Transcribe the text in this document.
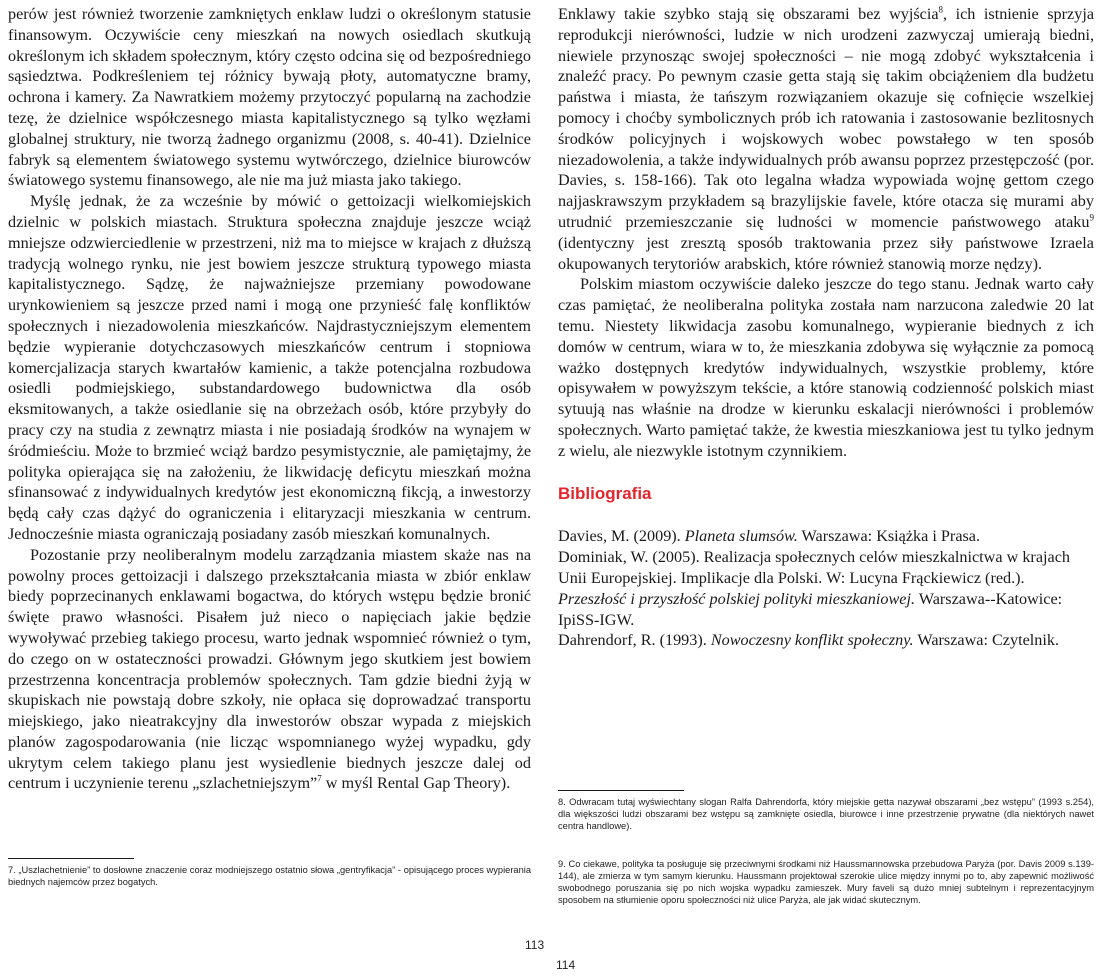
perów jest również tworzenie zamkniętych enklaw ludzi o określonym statusie finansowym. Oczywiście ceny mieszkań na nowych osiedlach skutkują określonym ich składem społecznym, który często odcina się od bezpośredniego sąsiedztwa. Podkreśleniem tej różnicy bywają płoty, automatyczne bramy, ochrona i kamery. Za Nawratkiem możemy przytoczyć popularną na zachodzie tezę, że dzielnice współczesnego miasta kapitalistycznego są tylko węzłami globalnej struktury, nie tworzą żadnego organizmu (2008, s. 40-41). Dzielnice fabryk są elementem światowego systemu wytwórczego, dzielnice biurowców światowego systemu finansowego, ale nie ma już miasta jako takiego.

Myślę jednak, że za wcześnie by mówić o gettoizacji wielkomiejskich dzielnic w polskich miastach. Struktura społeczna znajduje jeszcze wciąż mniejsze odzwierciedlenie w przestrzeni, niż ma to miejsce w krajach z dłuższą tradycją wolnego rynku, nie jest bowiem jeszcze strukturą typowego miasta kapitalistycznego. Sądzę, że najważniejsze przemiany powodowane urynkowieniem są jeszcze przed nami i mogą one przynieść falę konfliktów społecznych i niezadowolenia mieszkańców. Najdrastyczniejszym elementem będzie wypieranie dotychczasowych mieszkańców centrum i stopniowa komercjalizacja starych kwartałów kamienic, a także potencjalna rozbudowa osiedli podmiejskiego, substandardowego budownictwa dla osób eksmitowanych, a także osiedlanie się na obrzeżach osób, które przybyły do pracy czy na studia z zewnątrz miasta i nie posiadają środków na wynajem w śródmieściu. Może to brzmieć wciąż bardzo pesymistycznie, ale pamiętajmy, że polityka opierająca się na założeniu, że likwidację deficytu mieszkań można sfinansować z indywidualnych kredytów jest ekonomiczną fikcją, a inwestorzy będą cały czas dążyć do ograniczenia i elitaryzacji mieszkania w centrum. Jednocześnie miasta ograniczają posiadany zasób mieszkań komunalnych.

Pozostanie przy neoliberalnym modelu zarządzania miastem skaże nas na powolny proces gettoizacji i dalszego przekształcania miasta w zbiór enklaw biedy poprzecinanych enklawami bogactwa, do których wstępu będzie bronić święte prawo własności. Pisałem już nieco o napięciach jakie będzie wywoływać przebieg takiego procesu, warto jednak wspomnieć również o tym, do czego on w ostateczności prowadzi. Głównym jego skutkiem jest bowiem przestrzenna koncentracja problemów społecznych. Tam gdzie biedni żyją w skupiskach nie powstają dobre szkoły, nie opłaca się doprowadzać transportu miejskiego, jako nieatrakcyjny dla inwestorów obszar wypada z miejskich planów zagospodarowania (nie licząc wspomnianego wyżej wypadku, gdy ukrytym celem takiego planu jest wysiedlenie biednych jeszcze dalej od centrum i uczynienie terenu „szlachetniejszym”$^7$ w myśl Rental Gap Theory).

Enklawy takie szybko stają się obszarami bez wyjścia$^8$, ich istnienie sprzyja reprodukcji nierówności, ludzie w nich urodzeni zazwyczaj umierają biedni, niewiele przynosząc swojej społeczności – nie mogą zdobyć wykształcenia i znaleźć pracy. Po pewnym czasie getta stają się takim obciążeniem dla budżetu państwa i miasta, że tańszym rozwiązaniem okazuje się cofnięcie wszelkiej pomocy i choćby symbolicznych prób ich ratowania i zastosowanie bezlitosnych środków policyjnych i wojskowych wobec powstałego w ten sposób niezadowolenia, a także indywidualnych prób awansu poprzez przestępczość (por. Davies, s. 158-166). Tak oto legalna władza wypowiada wojnę gettom czego najjaskrawszym przykładem są brazylijskie favele, które otacza się murami aby utrudnić przemieszczanie się ludności w momencie państwowego ataku$^9$ (identyczny jest zresztą sposób traktowania przez siły państwowe Izraela okupowanych terytoriów arabskich, które również stanowią morze nędzy).

Polskim miastom oczywiście daleko jeszcze do tego stanu. Jednak warto cały czas pamiętać, że neoliberalna polityka została nam narzucona zaledwie 20 lat temu. Niestety likwidacja zasobu komunalnego, wypieranie biednych z ich domów w centrum, wiara w to, że mieszkania zdobywa się wyłącznie za pomocą ważko dostępnych kredytów indywidualnych, wszystkie problemy, które opisywałem w powyższym tekście, a które stanowią codzienność polskich miast sytuują nas właśnie na drodze w kierunku eskalacji nierówności i problemów społecznych. Warto pamiętać także, że kwestia mieszkaniowa jest tu tylko jednym z wielu, ale niezwykle istotnym czynnikiem.

Bibliografia

Davies, M. (2009). Planeta slumsów. Warszawa: Książka i Prasa.

Dominiak, W. (2005). Realizacja społecznych celów mieszkalnictwa w krajach Unii Europejskiej. Implikacje dla Polski. W: Lucyna Frąckiewicz (red.). Przeszłość i przyszłość polskiej polityki mieszkaniowej. Warszawa--Katowice: IpiSS-IGW.

Dahrendorf, R. (1993). Nowoczesny konflikt społeczny. Warszawa: Czytelnik.

7. „Uszlachetnienie” to dosłowne znaczenie coraz modniejszego ostatnio słowa „gentryfikacja” - opisującego proces wypierania biednych najemców przez bogatych.
8. Odwracam tutaj wyświechtany slogan Ralfa Dahrendorfa, który miejskie getta nazywał obszarami „bez wstępu” (1993 s.254), dla większości ludzi obszarami bez wstępu są zamknięte osiedla, biurowce i inne przestrzenie prywatne (dla niektórych nawet centra handlowe).
9. Co ciekawe, polityka ta posługuje się przeciwnymi środkami niż Haussmannowska przebudowa Paryża (por. Davis 2009 s.139-144), ale zmierza w tym samym kierunku. Haussmann projektował szerokie ulice między innymi po to, aby zapewnić możliwość swobodnego poruszania się po nich wojska wypadku zamieszek. Mury faveli są dużo mniej subtelnym i reprezentacyjnym sposobem na stłumienie oporu społeczności niż ulice Paryża, ale jak widać skutecznym.
113
114
